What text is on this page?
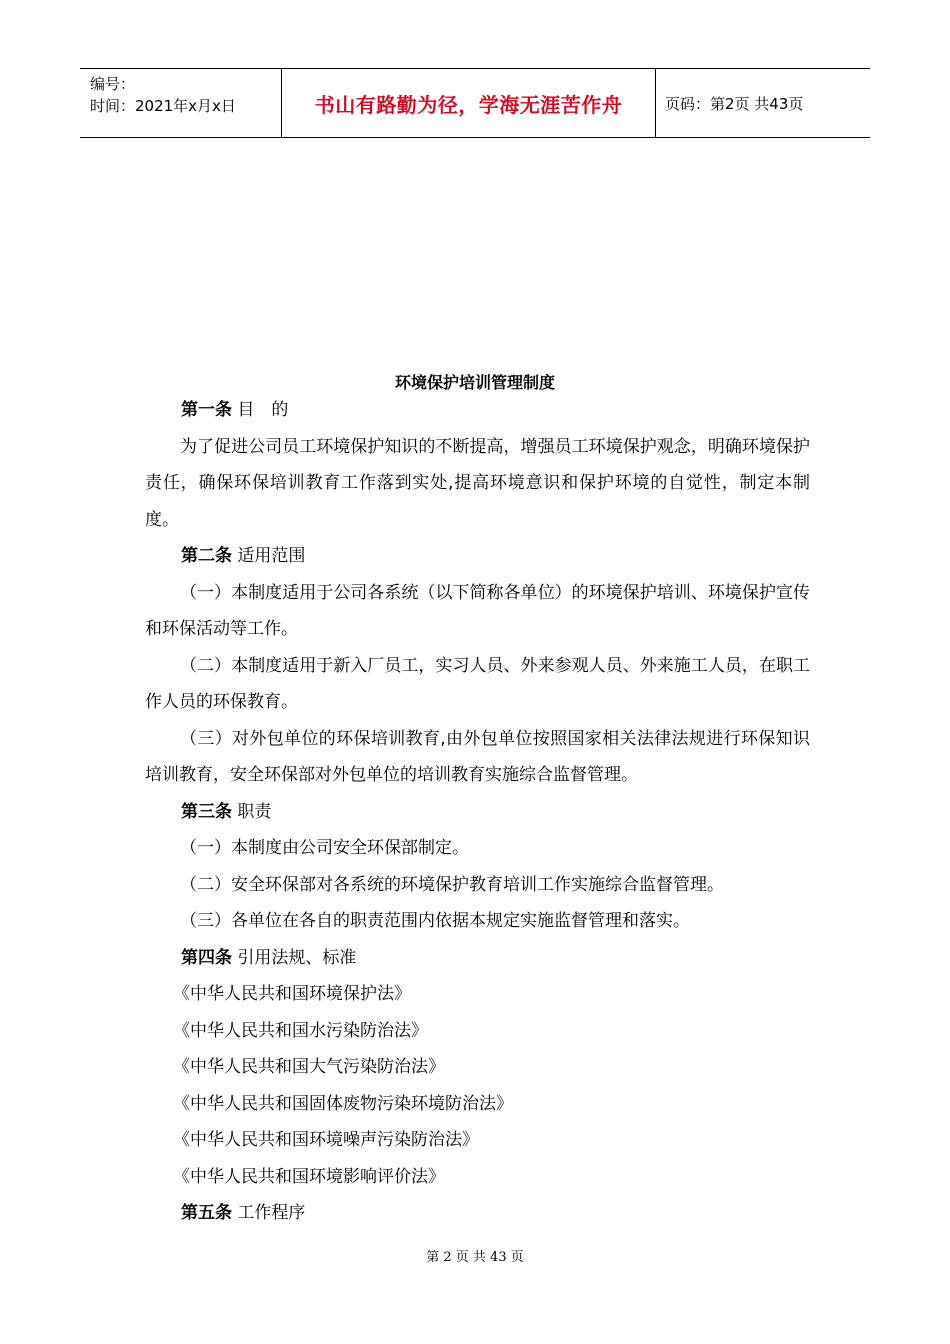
编号：
时间：2021年x月x日	书山有路勤为径，学海无涯苦作舟	页码：第2页 共43页
环境保护培训管理制度

第一条 目　的

为了促进公司员工环境保护知识的不断提高，增强员工环境保护观念，明确环境保护责任，确保环保培训教育工作落到实处,提高环境意识和保护环境的自觉性，制定本制度。

第二条 适用范围

（一）本制度适用于公司各系统（以下简称各单位）的环境保护培训、环境保护宣传和环保活动等工作。

（二）本制度适用于新入厂员工，实习人员、外来参观人员、外来施工人员，在职工作人员的环保教育。

（三）对外包单位的环保培训教育,由外包单位按照国家相关法律法规进行环保知识培训教育，安全环保部对外包单位的培训教育实施综合监督管理。

第三条 职责

（一）本制度由公司安全环保部制定。

（二）安全环保部对各系统的环境保护教育培训工作实施综合监督管理。

（三）各单位在各自的职责范围内依据本规定实施监督管理和落实。

第四条 引用法规、标准

《中华人民共和国环境保护法》

《中华人民共和国水污染防治法》

《中华人民共和国大气污染防治法》

《中华人民共和国固体废物污染环境防治法》

《中华人民共和国环境噪声污染防治法》

《中华人民共和国环境影响评价法》

第五条 工作程序

第 2 页 共 43 页
